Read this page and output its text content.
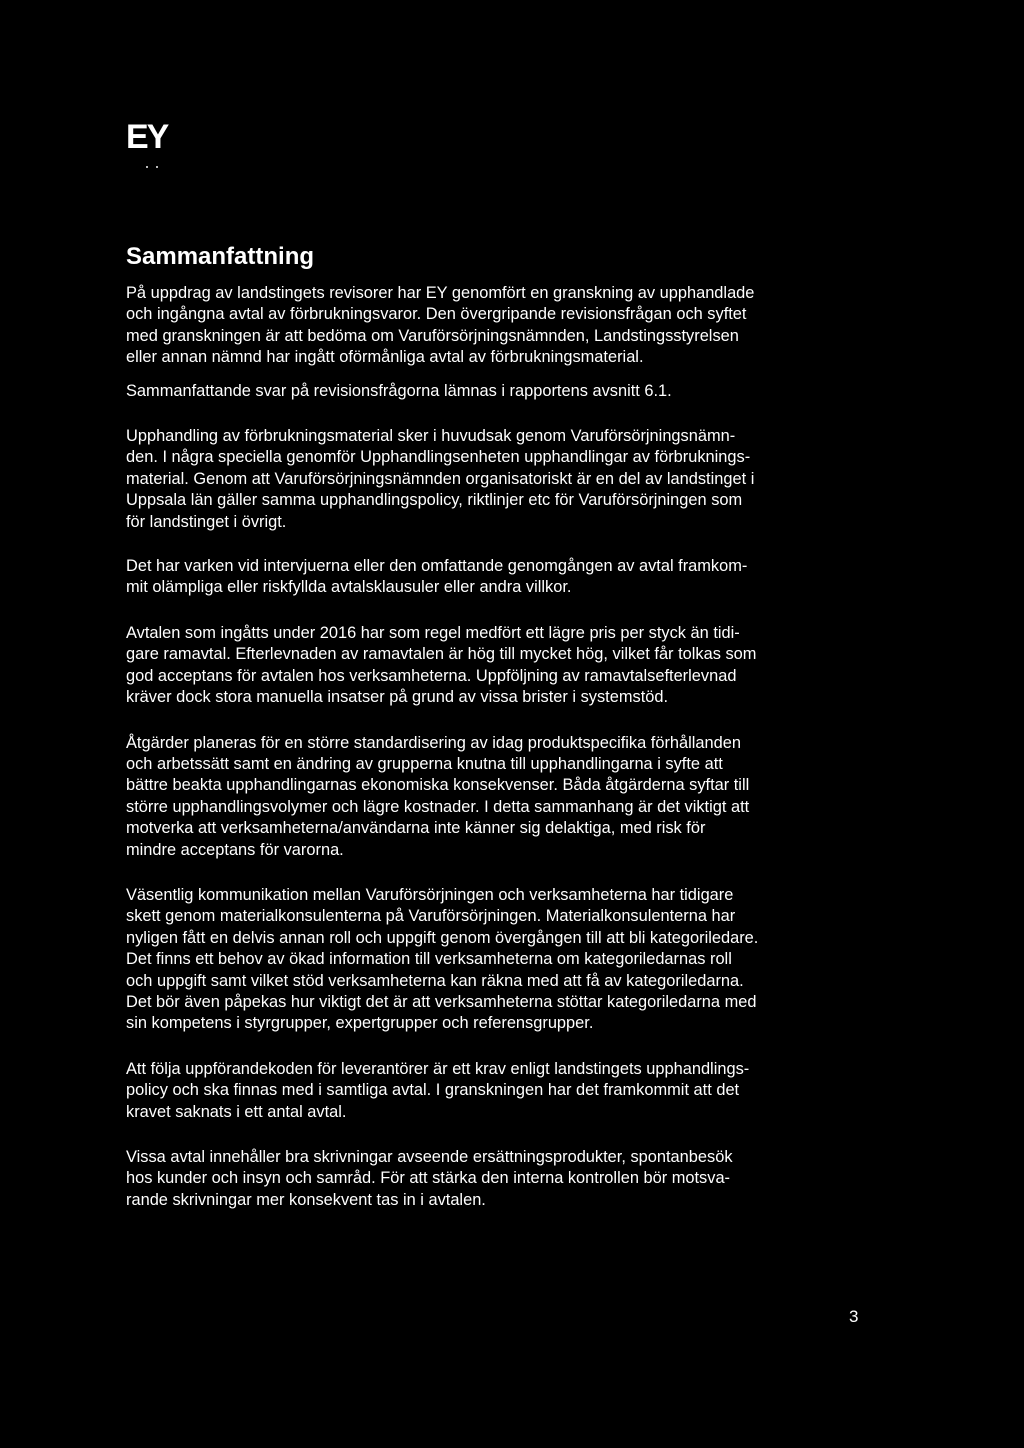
EY
Sammanfattning

På uppdrag av landstingets revisorer har EY genomfört en granskning av upphandlade
och ingångna avtal av förbrukningsvaror. Den övergripande revisionsfrågan och syftet
med granskningen är att bedöma om Varuförsörjningsnämnden, Landstingsstyrelsen
eller annan nämnd har ingått oförmånliga avtal av förbrukningsmaterial.

Sammanfattande svar på revisionsfrågorna lämnas i rapportens avsnitt 6.1.

Upphandling av förbrukningsmaterial sker i huvudsak genom Varuförsörjningsnämn-
den. I några speciella genomför Upphandlingsenheten upphandlingar av förbruknings-
material. Genom att Varuförsörjningsnämnden organisatoriskt är en del av landstinget i
Uppsala län gäller samma upphandlingspolicy, riktlinjer etc för Varuförsörjningen som
för landstinget i övrigt.

Det har varken vid intervjuerna eller den omfattande genomgången av avtal framkom-
mit olämpliga eller riskfyllda avtalsklausuler eller andra villkor.

Avtalen som ingåtts under 2016 har som regel medfört ett lägre pris per styck än tidi-
gare ramavtal. Efterlevnaden av ramavtalen är hög till mycket hög, vilket får tolkas som
god acceptans för avtalen hos verksamheterna. Uppföljning av ramavtalsefterlevnad
kräver dock stora manuella insatser på grund av vissa brister i systemstöd.

Åtgärder planeras för en större standardisering av idag produktspecifika förhållanden
och arbetssätt samt en ändring av grupperna knutna till upphandlingarna i syfte att
bättre beakta upphandlingarnas ekonomiska konsekvenser. Båda åtgärderna syftar till
större upphandlingsvolymer och lägre kostnader. I detta sammanhang är det viktigt att
motverka att verksamheterna/användarna inte känner sig delaktiga, med risk för
mindre acceptans för varorna.

Väsentlig kommunikation mellan Varuförsörjningen och verksamheterna har tidigare
skett genom materialkonsulenterna på Varuförsörjningen. Materialkonsulenterna har
nyligen fått en delvis annan roll och uppgift genom övergången till att bli kategoriledare.
Det finns ett behov av ökad information till verksamheterna om kategoriledarnas roll
och uppgift samt vilket stöd verksamheterna kan räkna med att få av kategoriledarna.
Det bör även påpekas hur viktigt det är att verksamheterna stöttar kategoriledarna med
sin kompetens i styrgrupper, expertgrupper och referensgrupper.

Att följa uppförandekoden för leverantörer är ett krav enligt landstingets upphandlings-
policy och ska finnas med i samtliga avtal. I granskningen har det framkommit att det
kravet saknats i ett antal avtal.

Vissa avtal innehåller bra skrivningar avseende ersättningsprodukter, spontanbesök
hos kunder och insyn och samråd. För att stärka den interna kontrollen bör motsva-
rande skrivningar mer konsekvent tas in i avtalen.

3
